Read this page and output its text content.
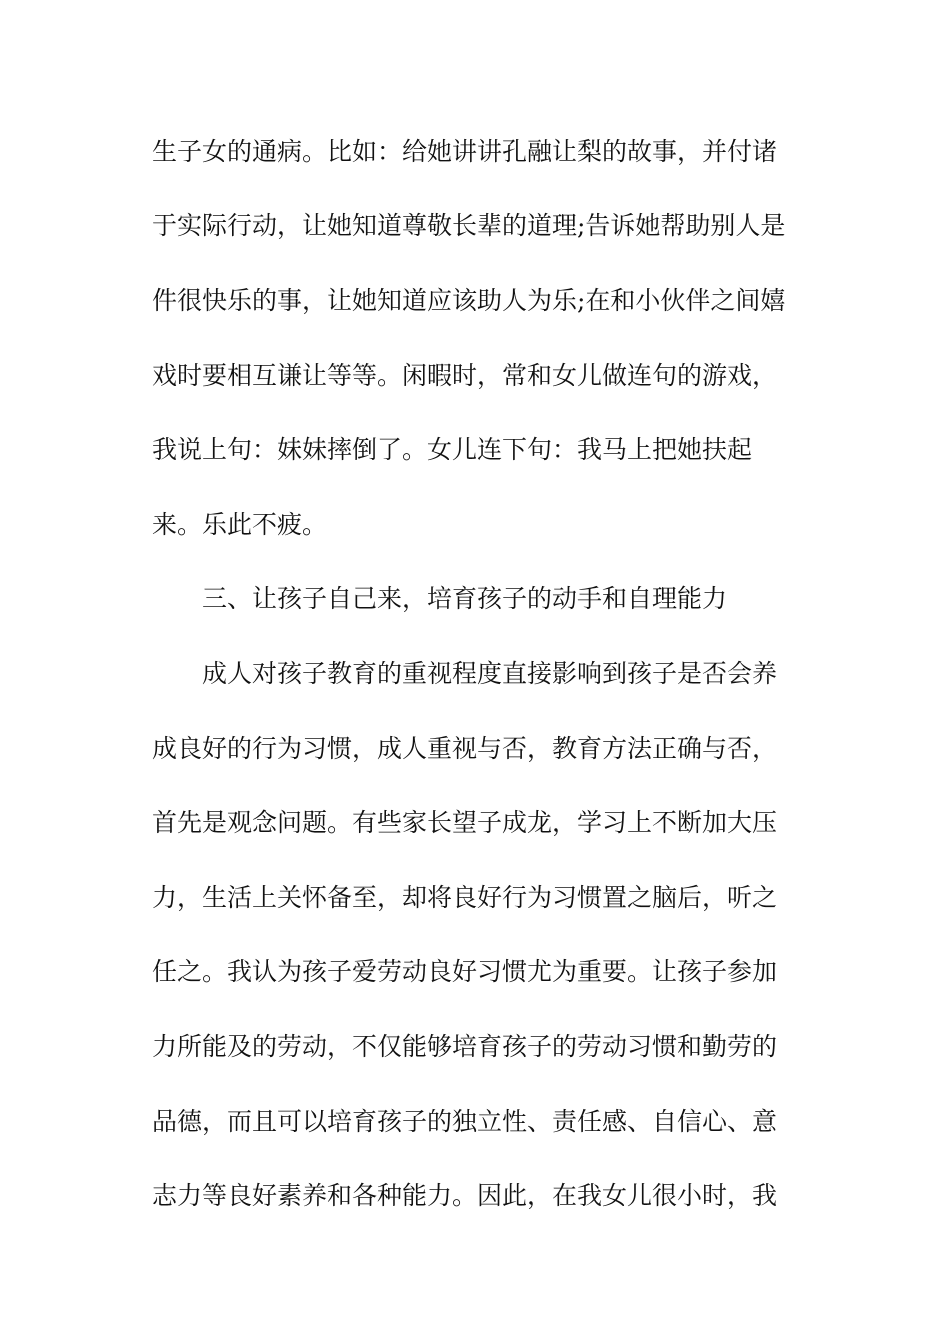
生子女的通病。比如：给她讲讲孔融让梨的故事，并付诸
于实际行动，让她知道尊敬长辈的道理;告诉她帮助别人是
件很快乐的事，让她知道应该助人为乐;在和小伙伴之间嬉
戏时要相互谦让等等。闲暇时，常和女儿做连句的游戏，
我说上句：妹妹摔倒了。女儿连下句：我马上把她扶起
来。乐此不疲。
三、让孩子自己来，培育孩子的动手和自理能力
成人对孩子教育的重视程度直接影响到孩子是否会养
成良好的行为习惯，成人重视与否，教育方法正确与否，
首先是观念问题。有些家长望子成龙，学习上不断加大压
力，生活上关怀备至，却将良好行为习惯置之脑后，听之
任之。我认为孩子爱劳动良好习惯尤为重要。让孩子参加
力所能及的劳动，不仅能够培育孩子的劳动习惯和勤劳的
品德，而且可以培育孩子的独立性、责任感、自信心、意
志力等良好素养和各种能力。因此，在我女儿很小时，我
